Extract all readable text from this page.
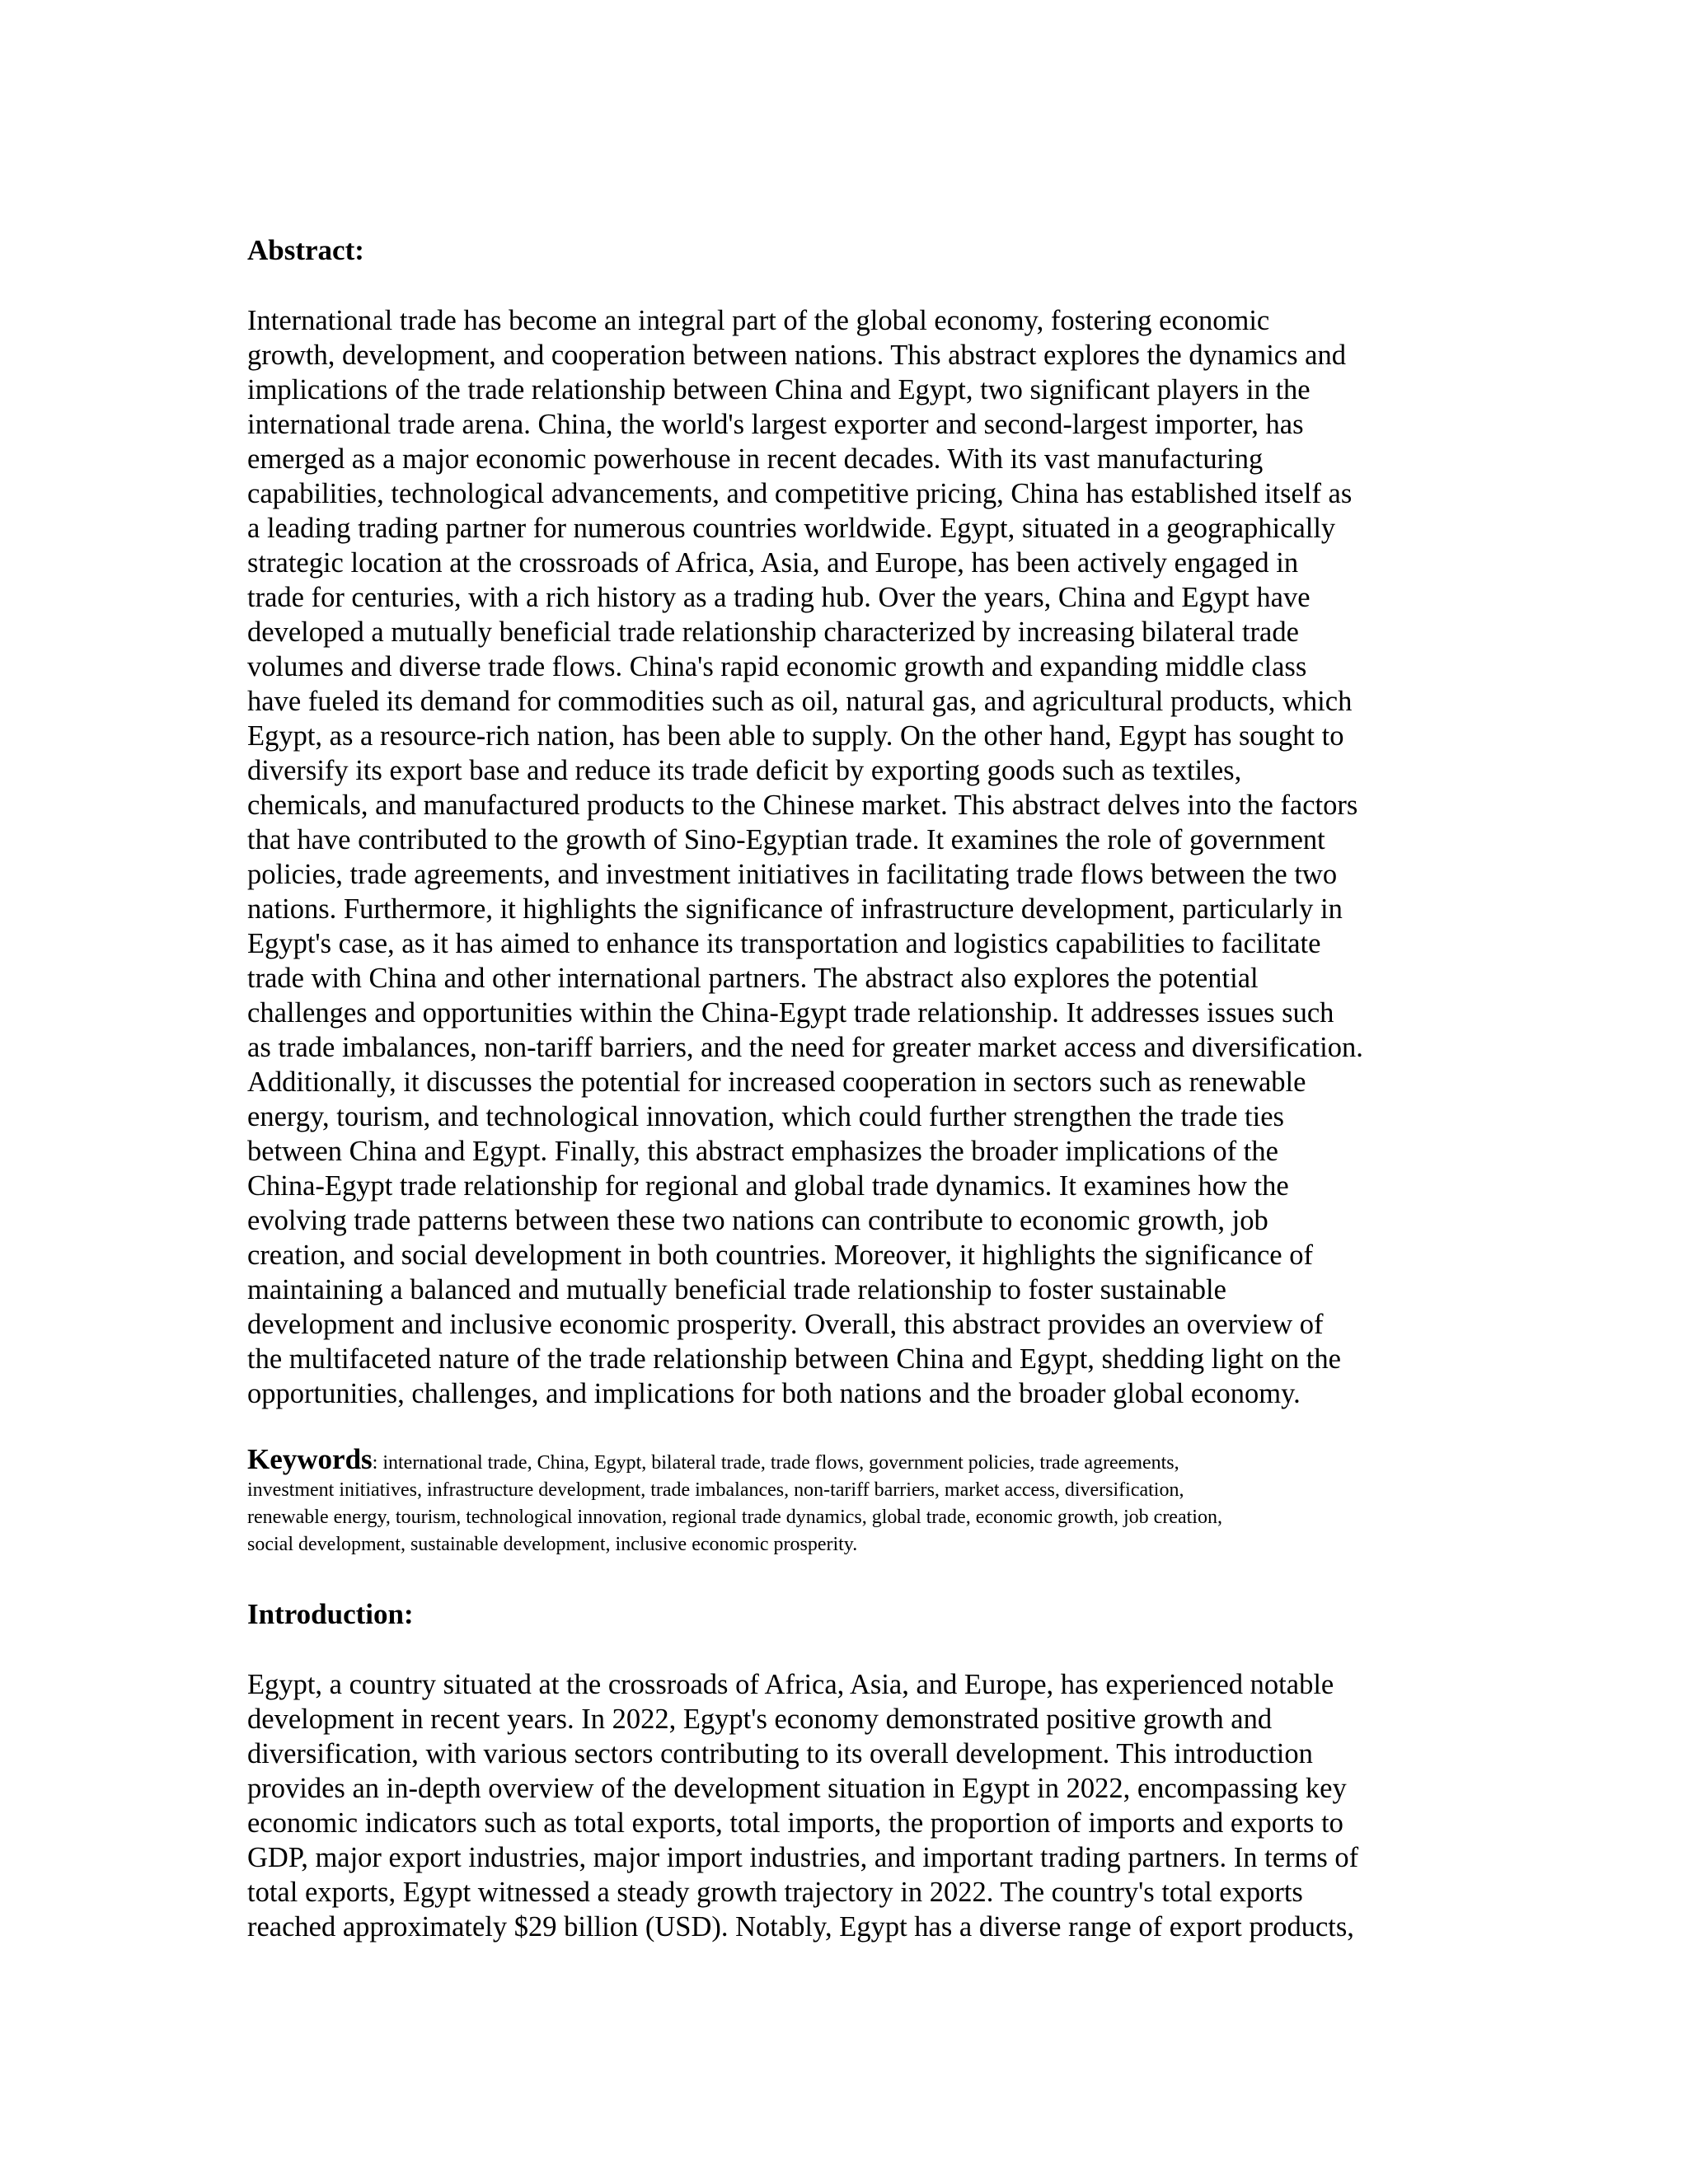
Abstract:

International trade has become an integral part of the global economy, fostering economic
growth, development, and cooperation between nations. This abstract explores the dynamics and
implications of the trade relationship between China and Egypt, two significant players in the
international trade arena. China, the world's largest exporter and second-largest importer, has
emerged as a major economic powerhouse in recent decades. With its vast manufacturing
capabilities, technological advancements, and competitive pricing, China has established itself as
a leading trading partner for numerous countries worldwide. Egypt, situated in a geographically
strategic location at the crossroads of Africa, Asia, and Europe, has been actively engaged in
trade for centuries, with a rich history as a trading hub. Over the years, China and Egypt have
developed a mutually beneficial trade relationship characterized by increasing bilateral trade
volumes and diverse trade flows. China's rapid economic growth and expanding middle class
have fueled its demand for commodities such as oil, natural gas, and agricultural products, which
Egypt, as a resource-rich nation, has been able to supply. On the other hand, Egypt has sought to
diversify its export base and reduce its trade deficit by exporting goods such as textiles,
chemicals, and manufactured products to the Chinese market. This abstract delves into the factors
that have contributed to the growth of Sino-Egyptian trade. It examines the role of government
policies, trade agreements, and investment initiatives in facilitating trade flows between the two
nations. Furthermore, it highlights the significance of infrastructure development, particularly in
Egypt's case, as it has aimed to enhance its transportation and logistics capabilities to facilitate
trade with China and other international partners. The abstract also explores the potential
challenges and opportunities within the China-Egypt trade relationship. It addresses issues such
as trade imbalances, non-tariff barriers, and the need for greater market access and diversification.
Additionally, it discusses the potential for increased cooperation in sectors such as renewable
energy, tourism, and technological innovation, which could further strengthen the trade ties
between China and Egypt. Finally, this abstract emphasizes the broader implications of the
China-Egypt trade relationship for regional and global trade dynamics. It examines how the
evolving trade patterns between these two nations can contribute to economic growth, job
creation, and social development in both countries. Moreover, it highlights the significance of
maintaining a balanced and mutually beneficial trade relationship to foster sustainable
development and inclusive economic prosperity. Overall, this abstract provides an overview of
the multifaceted nature of the trade relationship between China and Egypt, shedding light on the
opportunities, challenges, and implications for both nations and the broader global economy.

Keywords: international trade, China, Egypt, bilateral trade, trade flows, government policies, trade agreements,
investment initiatives, infrastructure development, trade imbalances, non-tariff barriers, market access, diversification,
renewable energy, tourism, technological innovation, regional trade dynamics, global trade, economic growth, job creation,
social development, sustainable development, inclusive economic prosperity.

Introduction:

Egypt, a country situated at the crossroads of Africa, Asia, and Europe, has experienced notable
development in recent years. In 2022, Egypt's economy demonstrated positive growth and
diversification, with various sectors contributing to its overall development. This introduction
provides an in-depth overview of the development situation in Egypt in 2022, encompassing key
economic indicators such as total exports, total imports, the proportion of imports and exports to
GDP, major export industries, major import industries, and important trading partners. In terms of
total exports, Egypt witnessed a steady growth trajectory in 2022. The country's total exports
reached approximately $29 billion (USD). Notably, Egypt has a diverse range of export products,
